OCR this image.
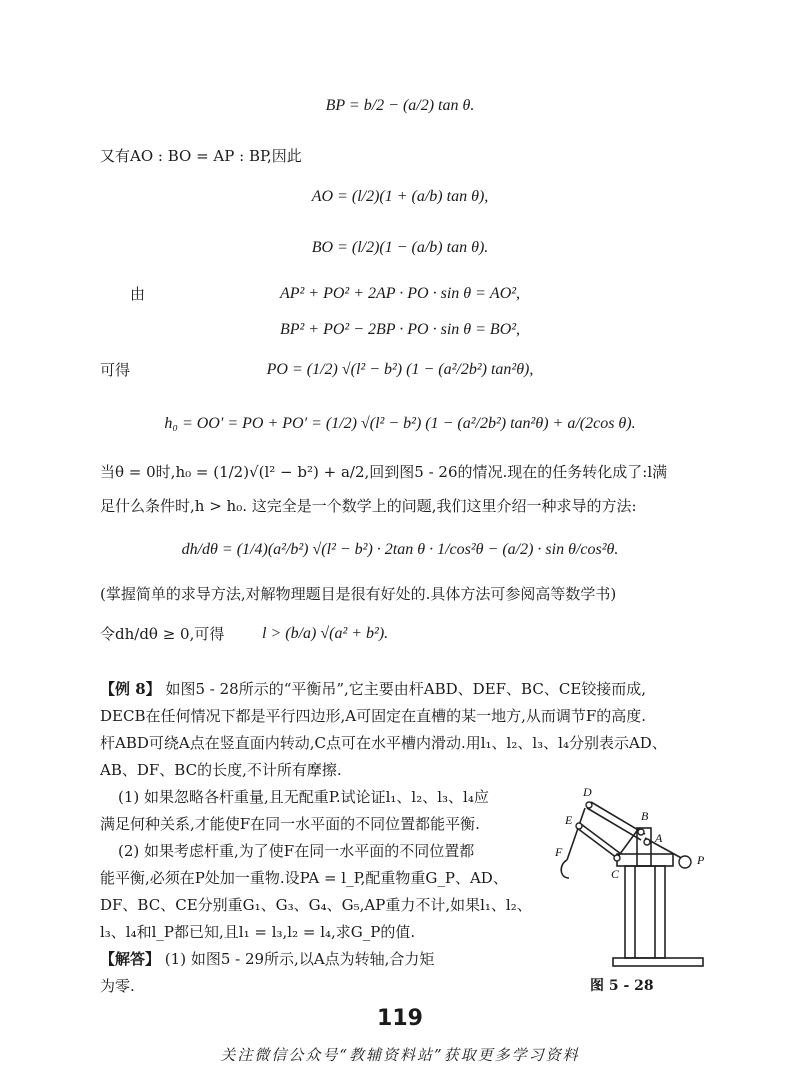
BP = b/2 − (a/2) tan θ.
又有AO : BO = AP : BP,因此
AO = (l/2)(1 + (a/b) tan θ),
BO = (l/2)(1 − (a/b) tan θ).
由	AP² + PO² + 2AP · PO · sin θ = AO²,
BP² + PO² − 2BP · PO · sin θ = BO²,
可得	PO = (1/2) √(l² − b²) (1 − (a²/2b²) tan²θ),
h₀ = OO′ = PO + PO′ = (1/2) √(l² − b²) (1 − (a²/2b²) tan²θ) + a/(2cos θ).
当θ = 0时,h₀ = (1/2)√(l² − b²) + a/2,回到图5 - 26的情况.现在的任务转化成了:l满
足什么条件时,h > h₀. 这完全是一个数学上的问题,我们这里介绍一种求导的方法:
dh/dθ = (1/4)(a²/b²) √(l² − b²) · 2tan θ · 1/cos²θ − (a/2) · sin θ/cos²θ.
(掌握简单的求导方法,对解物理题目是很有好处的.具体方法可参阅高等数学书)
令dh/dθ ≥ 0,可得 l > (b/a) √(a² + b²).
【例 8】 如图5 - 28所示的“平衡吊”,它主要由杆ABD、DEF、BC、CE铰接而成,
DECB在任何情况下都是平行四边形,A可固定在直槽的某一地方,从而调节F的高度.
杆ABD可绕A点在竖直面内转动,C点可在水平槽内滑动.用l₁、l₂、l₃、l₄分别表示AD、
AB、DF、BC的长度,不计所有摩擦.
(1) 如果忽略各杆重量,且无配重P.试论证l₁、l₂、l₃、l₄应
满足何种关系,才能使F在同一水平面的不同位置都能平衡.
(2) 如果考虑杆重,为了使F在同一水平面的不同位置都
能平衡,必须在P处加一重物.设PA = l_P,配重物重G_P、AD、
DF、BC、CE分别重G₁、G₃、G₄、G₅,AP重力不计,如果l₁、l₂、
l₃、l₄和l_P都已知,且l₁ = l₃,l₂ = l₄,求G_P的值.
【解答】 (1) 如图5 - 29所示,以A点为转轴,合力矩
为零.
D
E	B
A
F
C
P
图 5 - 28
119
关注微信公众号“教辅资料站”获取更多学习资料
